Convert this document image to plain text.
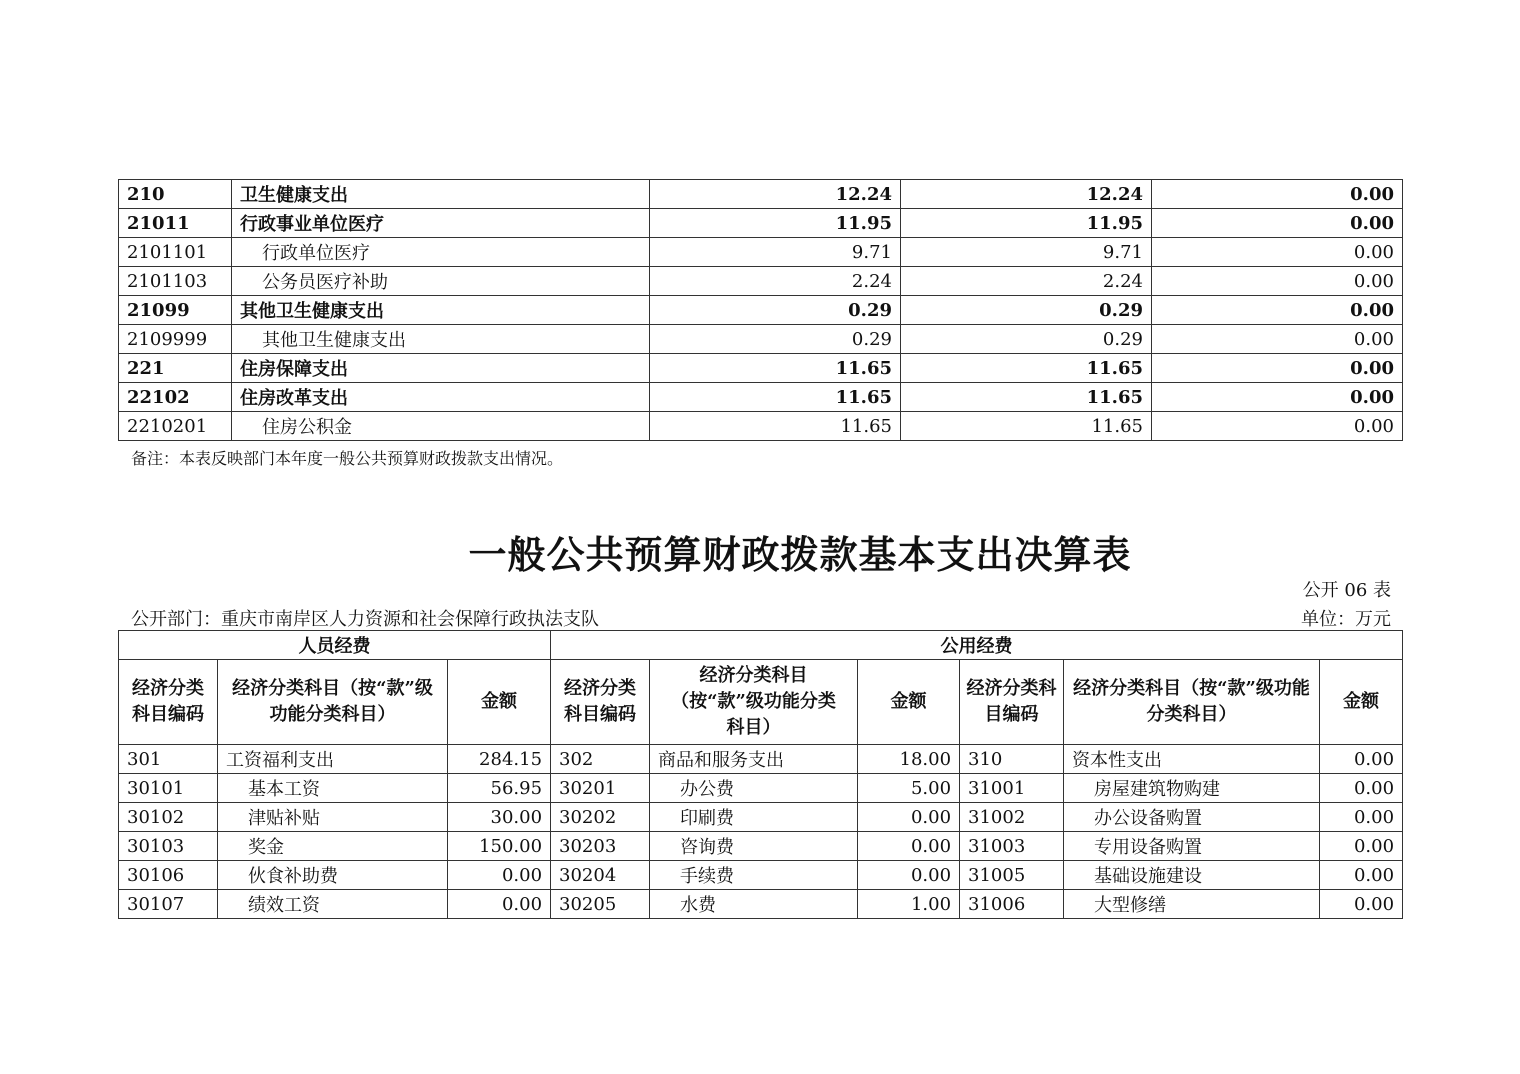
210	卫生健康支出	12.24	12.24	0.00
21011	行政事业单位医疗	11.95	11.95	0.00
2101101	行政单位医疗	9.71	9.71	0.00
2101103	公务员医疗补助	2.24	2.24	0.00
21099	其他卫生健康支出	0.29	0.29	0.00
2109999	其他卫生健康支出	0.29	0.29	0.00
221	住房保障支出	11.65	11.65	0.00
22102	住房改革支出	11.65	11.65	0.00
2210201	住房公积金	11.65	11.65	0.00
备注：本表反映部门本年度一般公共预算财政拨款支出情况。
一般公共预算财政拨款基本支出决算表
公开 06 表
公开部门：重庆市南岸区人力资源和社会保障行政执法支队	单位：万元
人员经费			公用经费					
经济分类科目编码	经济分类科目（按“款”级功能分类科目）	金额	经济分类科目编码	经济分类科目（按“款”级功能分类科目）	金额	经济分类科目编码	经济分类科目（按“款”级功能分类科目）	金额
301	工资福利支出	284.15	302	商品和服务支出	18.00	310	资本性支出	0.00
30101	基本工资	56.95	30201	办公费	5.00	31001	房屋建筑物购建	0.00
30102	津贴补贴	30.00	30202	印刷费	0.00	31002	办公设备购置	0.00
30103	奖金	150.00	30203	咨询费	0.00	31003	专用设备购置	0.00
30106	伙食补助费	0.00	30204	手续费	0.00	31005	基础设施建设	0.00
30107	绩效工资	0.00	30205	水费	1.00	31006	大型修缮	0.00
